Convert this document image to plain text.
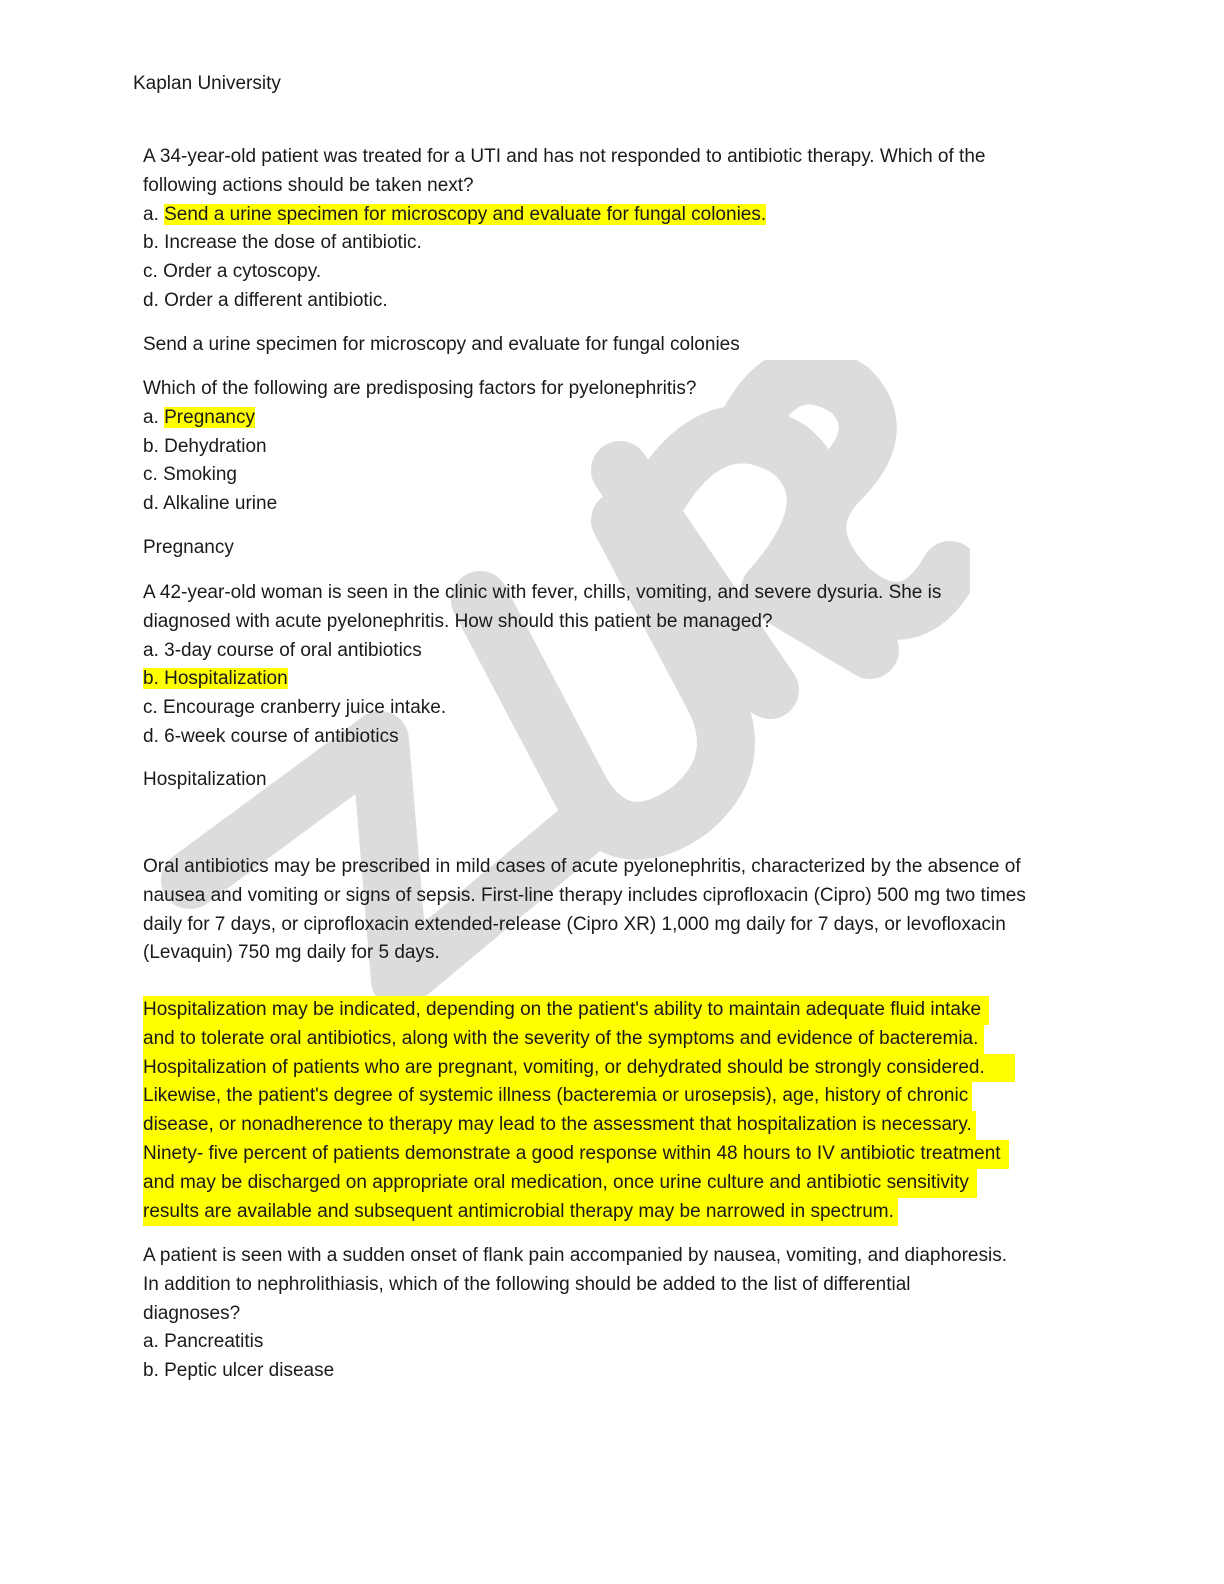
Kaplan University
A 34-year-old patient was treated for a UTI and has not responded to antibiotic therapy. Which of the
following actions should be taken next?
a. Send a urine specimen for microscopy and evaluate for fungal colonies.
b. Increase the dose of antibiotic.
c. Order a cytoscopy.
d. Order a different antibiotic.
Send a urine specimen for microscopy and evaluate for fungal colonies
Which of the following are predisposing factors for pyelonephritis?
a. Pregnancy
b. Dehydration
c. Smoking
d. Alkaline urine
Pregnancy
A 42-year-old woman is seen in the clinic with fever, chills, vomiting, and severe dysuria. She is
diagnosed with acute pyelonephritis. How should this patient be managed?
a. 3-day course of oral antibiotics
b. Hospitalization
c. Encourage cranberry juice intake.
d. 6-week course of antibiotics
Hospitalization
Oral antibiotics may be prescribed in mild cases of acute pyelonephritis, characterized by the absence of
nausea and vomiting or signs of sepsis. First-line therapy includes ciprofloxacin (Cipro) 500 mg two times
daily for 7 days, or ciprofloxacin extended-release (Cipro XR) 1,000 mg daily for 7 days, or levofloxacin
(Levaquin) 750 mg daily for 5 days.
Hospitalization may be indicated, depending on the patient's ability to maintain adequate fluid intake
and to tolerate oral antibiotics, along with the severity of the symptoms and evidence of bacteremia.
Hospitalization of patients who are pregnant, vomiting, or dehydrated should be strongly considered.
Likewise, the patient's degree of systemic illness (bacteremia or urosepsis), age, history of chronic
disease, or nonadherence to therapy may lead to the assessment that hospitalization is necessary.
Ninety- five percent of patients demonstrate a good response within 48 hours to IV antibiotic treatment
and may be discharged on appropriate oral medication, once urine culture and antibiotic sensitivity
results are available and subsequent antimicrobial therapy may be narrowed in spectrum.
A patient is seen with a sudden onset of flank pain accompanied by nausea, vomiting, and diaphoresis.
In addition to nephrolithiasis, which of the following should be added to the list of differential
diagnoses?
a. Pancreatitis
b. Peptic ulcer disease
